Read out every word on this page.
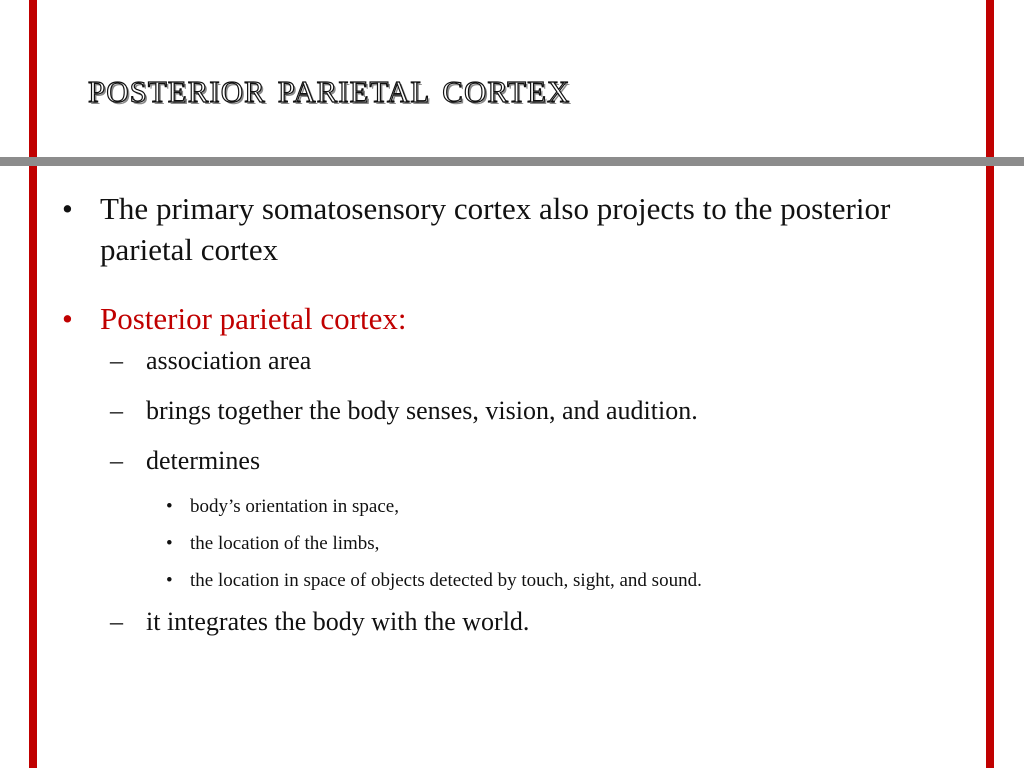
posterior parietal cortex
• The primary somatosensory cortex also projects to the posterior parietal cortex
• Posterior parietal cortex:
– association area
– brings together the body senses, vision, and audition.
– determines
• body’s orientation in space,
• the location of the limbs,
• the location in space of objects detected by touch, sight, and sound.
– it integrates the body with the world.
